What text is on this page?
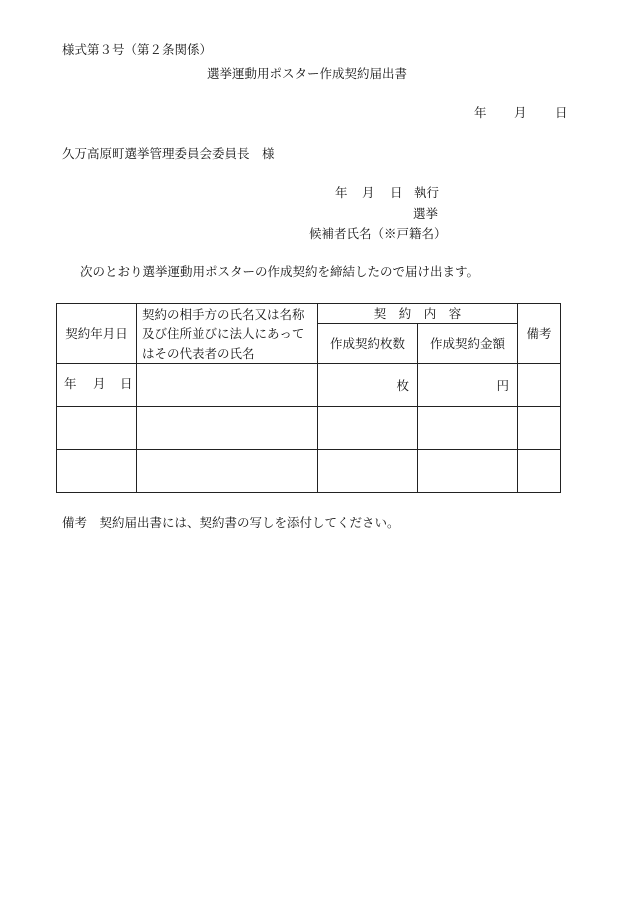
様式第３号（第２条関係）
選挙運動用ポスター作成契約届出書
年 月 日
久万高原町選挙管理委員会委員長　様
年 月 日 執行
選挙
候補者氏名（※戸籍名）
次のとおり選挙運動用ポスターの作成契約を締結したので届け出ます。
契約年月日	契約の相手方の氏名又は名称及び住所並びに法人にあってはその代表者の氏名	契　約　内　容		備考
		作成契約枚数	作成契約金額	

年 月 日		枚	円	

備考　契約届出書には、契約書の写しを添付してください。
